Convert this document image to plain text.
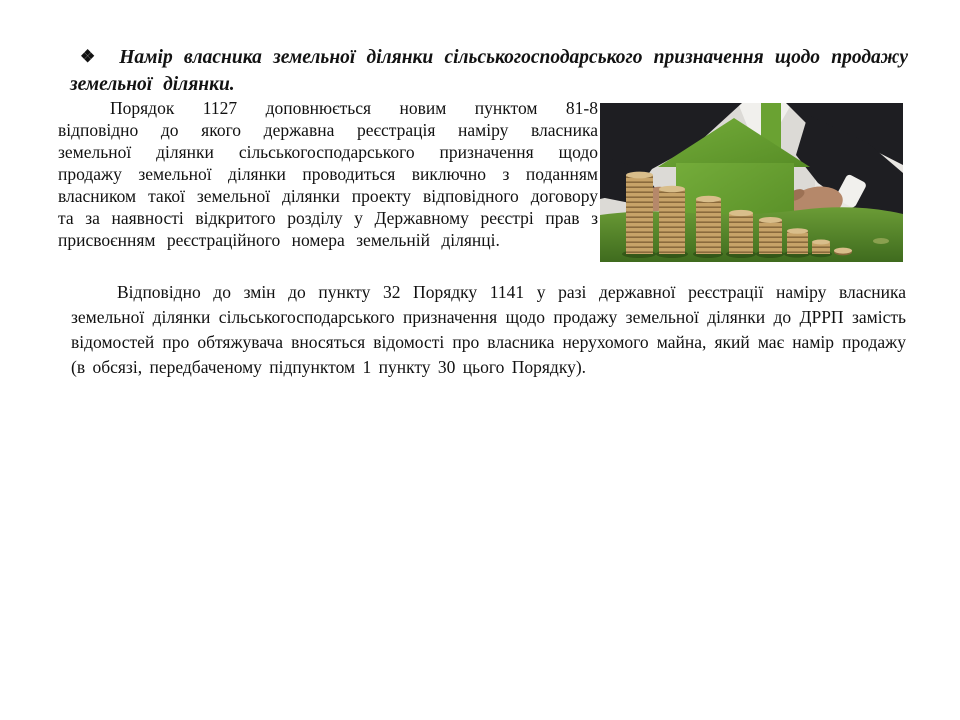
❖ Намір власника земельної ділянки сільськогосподарського призначення щодо продажу земельної ділянки.
Порядок 1127 доповнюється новим пунктом 81-8 відповідно до якого державна реєстрація наміру власника земельної ділянки сільськогосподарського призначення щодо продажу земельної ділянки проводиться виключно з поданням власником такої земельної ділянки проекту відповідного договору та за наявності відкритого розділу у Державному реєстрі прав з присвоєнням реєстраційного номера земельній ділянці.
Відповідно до змін до пункту 32 Порядку 1141 у разі державної реєстрації наміру власника земельної ділянки сільськогосподарського призначення щодо продажу земельної ділянки до ДРРП замість відомостей про обтяжувача вносяться відомості про власника нерухомого майна, який має намір продажу (в обсязі, передбаченому підпунктом 1 пункту 30 цього Порядку).
